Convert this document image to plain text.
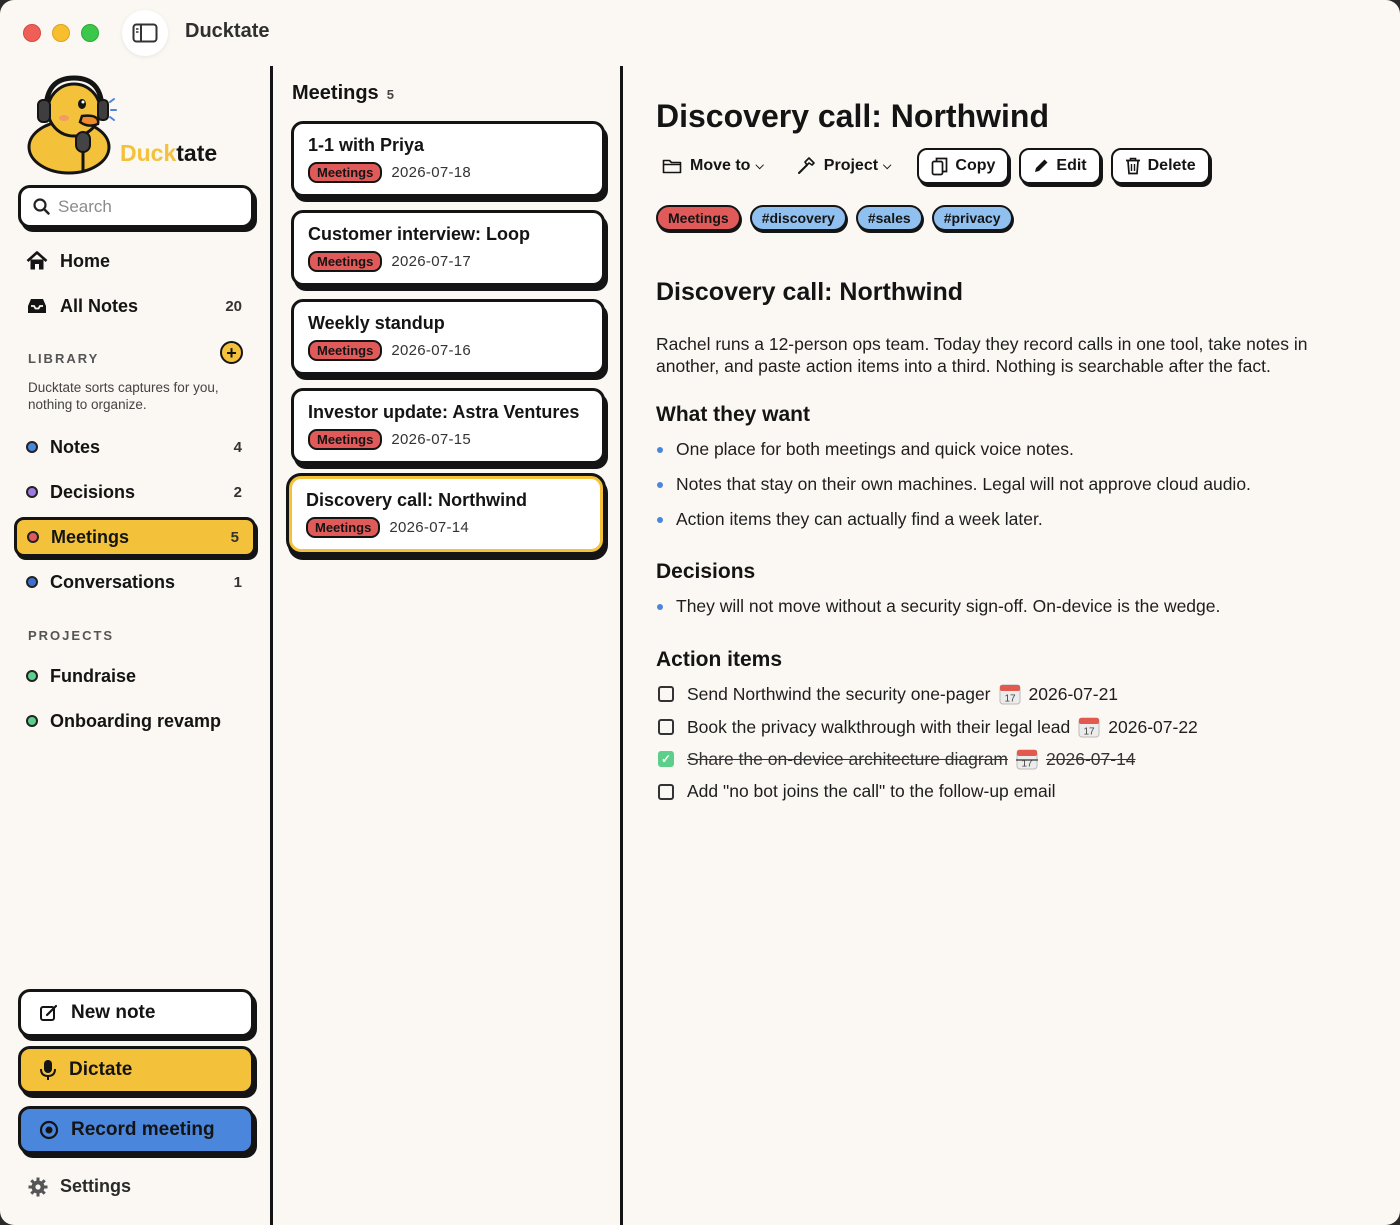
Ducktate
Ducktate
Search
Home
All Notes	20
LIBRARY	+
Ducktate sorts captures for you, nothing to organize.
Notes	4
Decisions	2
Meetings	5
Conversations	1
PROJECTS
Fundraise
Onboarding revamp
New note
Dictate
Record meeting
Settings
Meetings 5
1-1 with Priya
Meetings	2026-07-18
Customer interview: Loop
Meetings	2026-07-17
Weekly standup
Meetings	2026-07-16
Investor update: Astra Ventures
Meetings	2026-07-15
Discovery call: Northwind
Meetings	2026-07-14
Discovery call: Northwind
Move to ⌵	Project ⌵	Copy	Edit	Delete
Meetings	#discovery	#sales	#privacy
Discovery call: Northwind
Rachel runs a 12-person ops team. Today they record calls in one tool, take notes in another, and paste action items into a third. Nothing is searchable after the fact.
What they want
One place for both meetings and quick voice notes.
Notes that stay on their own machines. Legal will not approve cloud audio.
Action items they can actually find a week later.
Decisions
They will not move without a security sign-off. On-device is the wedge.
Action items
Send Northwind the security one-pager 17 2026-07-21
Book the privacy walkthrough with their legal lead 17 2026-07-22
✓ Share the on-device architecture diagram 17 2026-07-14
Add "no bot joins the call" to the follow-up email
